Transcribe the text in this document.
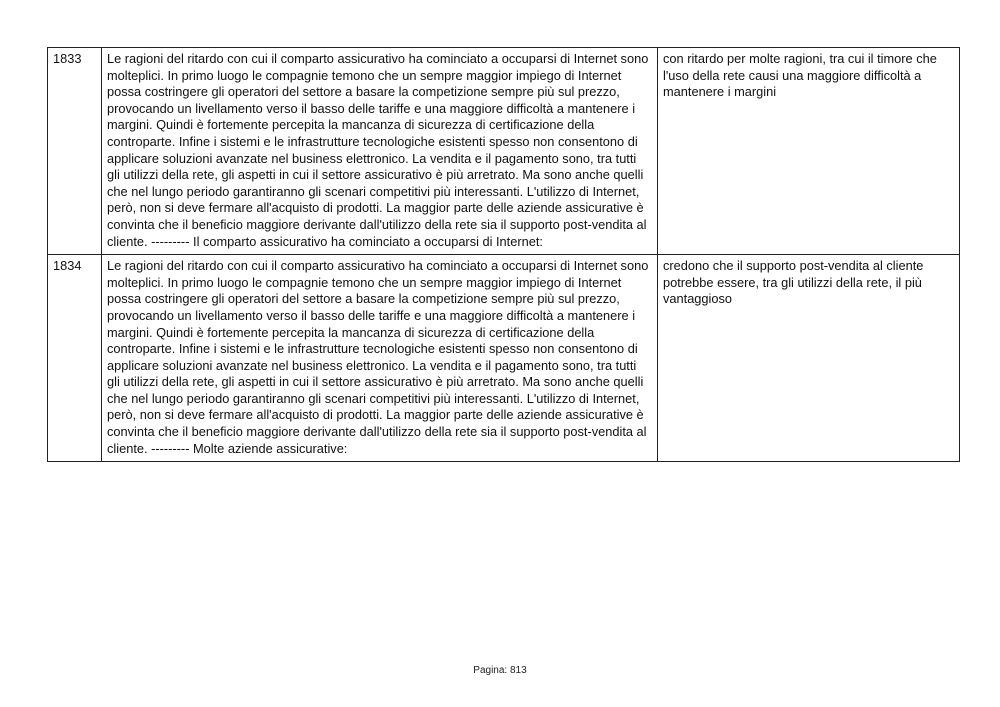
1833	Le ragioni del ritardo con cui il comparto assicurativo ha cominciato a occuparsi di Internet sono molteplici. In primo luogo le compagnie temono che un sempre maggior impiego di Internet possa costringere gli operatori del settore a basare la competizione sempre più sul prezzo, provocando un livellamento verso il basso delle tariffe e una maggiore difficoltà a mantenere i margini. Quindi è fortemente percepita la mancanza di sicurezza di certificazione della controparte. Infine i sistemi e le infrastrutture tecnologiche esistenti spesso non consentono di applicare soluzioni avanzate nel business elettronico. La vendita e il pagamento sono, tra tutti gli utilizzi della rete, gli aspetti in cui il settore assicurativo è più arretrato. Ma sono anche quelli che nel lungo periodo garantiranno gli scenari competitivi più interessanti. L'utilizzo di Internet, però, non si deve fermare all'acquisto di prodotti. La maggior parte delle aziende assicurative è convinta che il beneficio maggiore derivante dall'utilizzo della rete sia il supporto post-vendita al cliente. --------- Il comparto assicurativo ha cominciato a occuparsi di Internet:	con ritardo per molte ragioni, tra cui il timore che l'uso della rete causi una maggiore difficoltà a mantenere i margini
1834	Le ragioni del ritardo con cui il comparto assicurativo ha cominciato a occuparsi di Internet sono molteplici. In primo luogo le compagnie temono che un sempre maggior impiego di Internet possa costringere gli operatori del settore a basare la competizione sempre più sul prezzo, provocando un livellamento verso il basso delle tariffe e una maggiore difficoltà a mantenere i margini. Quindi è fortemente percepita la mancanza di sicurezza di certificazione della controparte. Infine i sistemi e le infrastrutture tecnologiche esistenti spesso non consentono di applicare soluzioni avanzate nel business elettronico. La vendita e il pagamento sono, tra tutti gli utilizzi della rete, gli aspetti in cui il settore assicurativo è più arretrato. Ma sono anche quelli che nel lungo periodo garantiranno gli scenari competitivi più interessanti. L'utilizzo di Internet, però, non si deve fermare all'acquisto di prodotti. La maggior parte delle aziende assicurative è convinta che il beneficio maggiore derivante dall'utilizzo della rete sia il supporto post-vendita al cliente. --------- Molte aziende assicurative:	credono che il supporto post-vendita al cliente potrebbe essere, tra gli utilizzi della rete, il più vantaggioso
Pagina: 813
